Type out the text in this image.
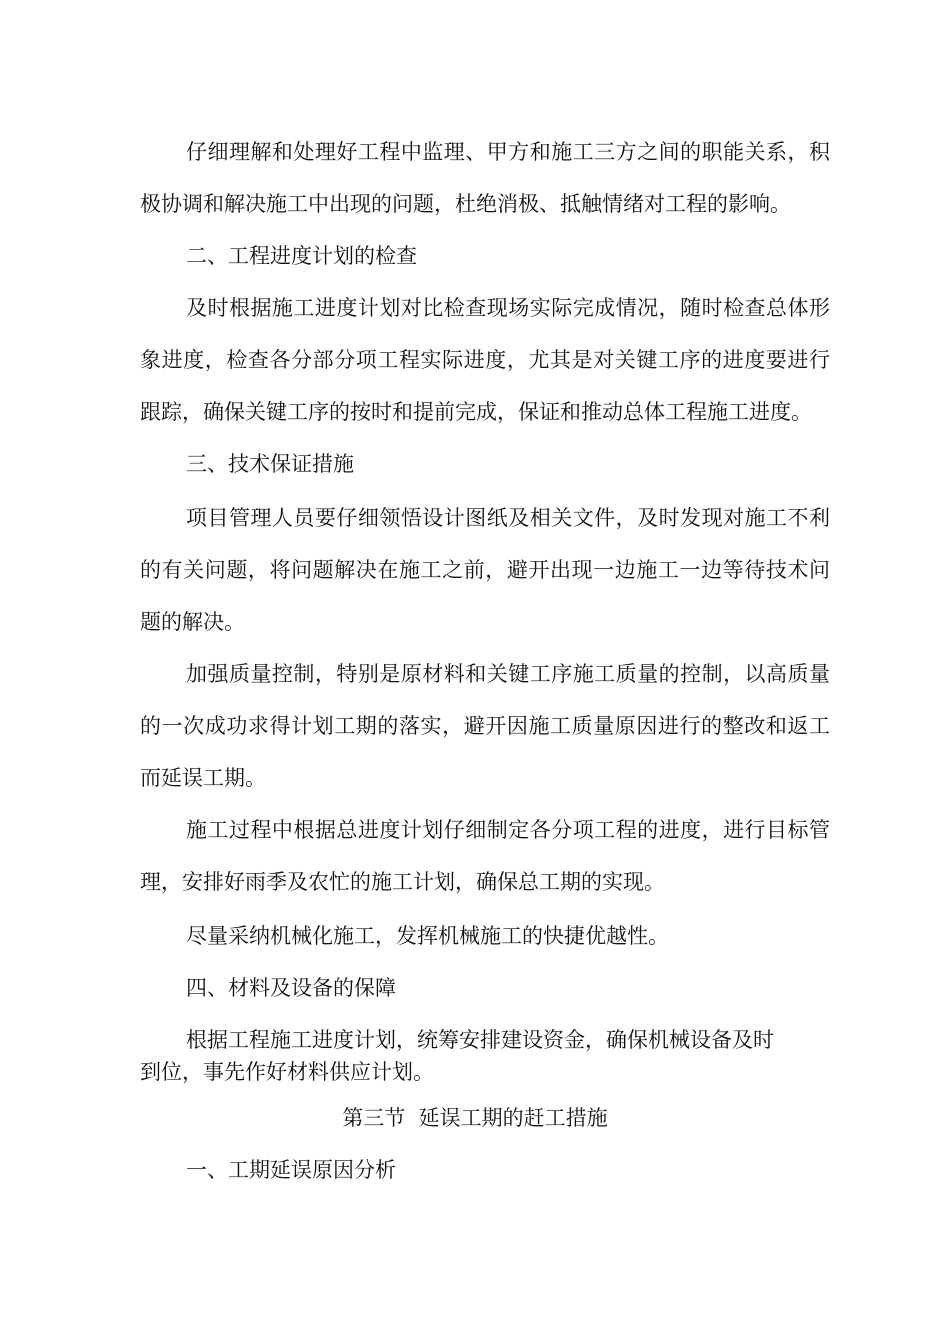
仔细理解和处理好工程中监理、甲方和施工三方之间的职能关系，积
极协调和解决施工中出现的问题，杜绝消极、抵触情绪对工程的影响。
二、工程进度计划的检查
及时根据施工进度计划对比检查现场实际完成情况，随时检查总体形
象进度，检查各分部分项工程实际进度，尤其是对关键工序的进度要进行
跟踪，确保关键工序的按时和提前完成，保证和推动总体工程施工进度。
三、技术保证措施
项目管理人员要仔细领悟设计图纸及相关文件，及时发现对施工不利
的有关问题，将问题解决在施工之前，避开出现一边施工一边等待技术问
题的解决。
加强质量控制，特别是原材料和关键工序施工质量的控制，以高质量
的一次成功求得计划工期的落实，避开因施工质量原因进行的整改和返工
而延误工期。
施工过程中根据总进度计划仔细制定各分项工程的进度，进行目标管
理，安排好雨季及农忙的施工计划，确保总工期的实现。
尽量采纳机械化施工，发挥机械施工的快捷优越性。
四、材料及设备的保障
根据工程施工进度计划，统筹安排建设资金，确保机械设备及时
到位，事先作好材料供应计划。
第三节  延误工期的赶工措施
一、工期延误原因分析
